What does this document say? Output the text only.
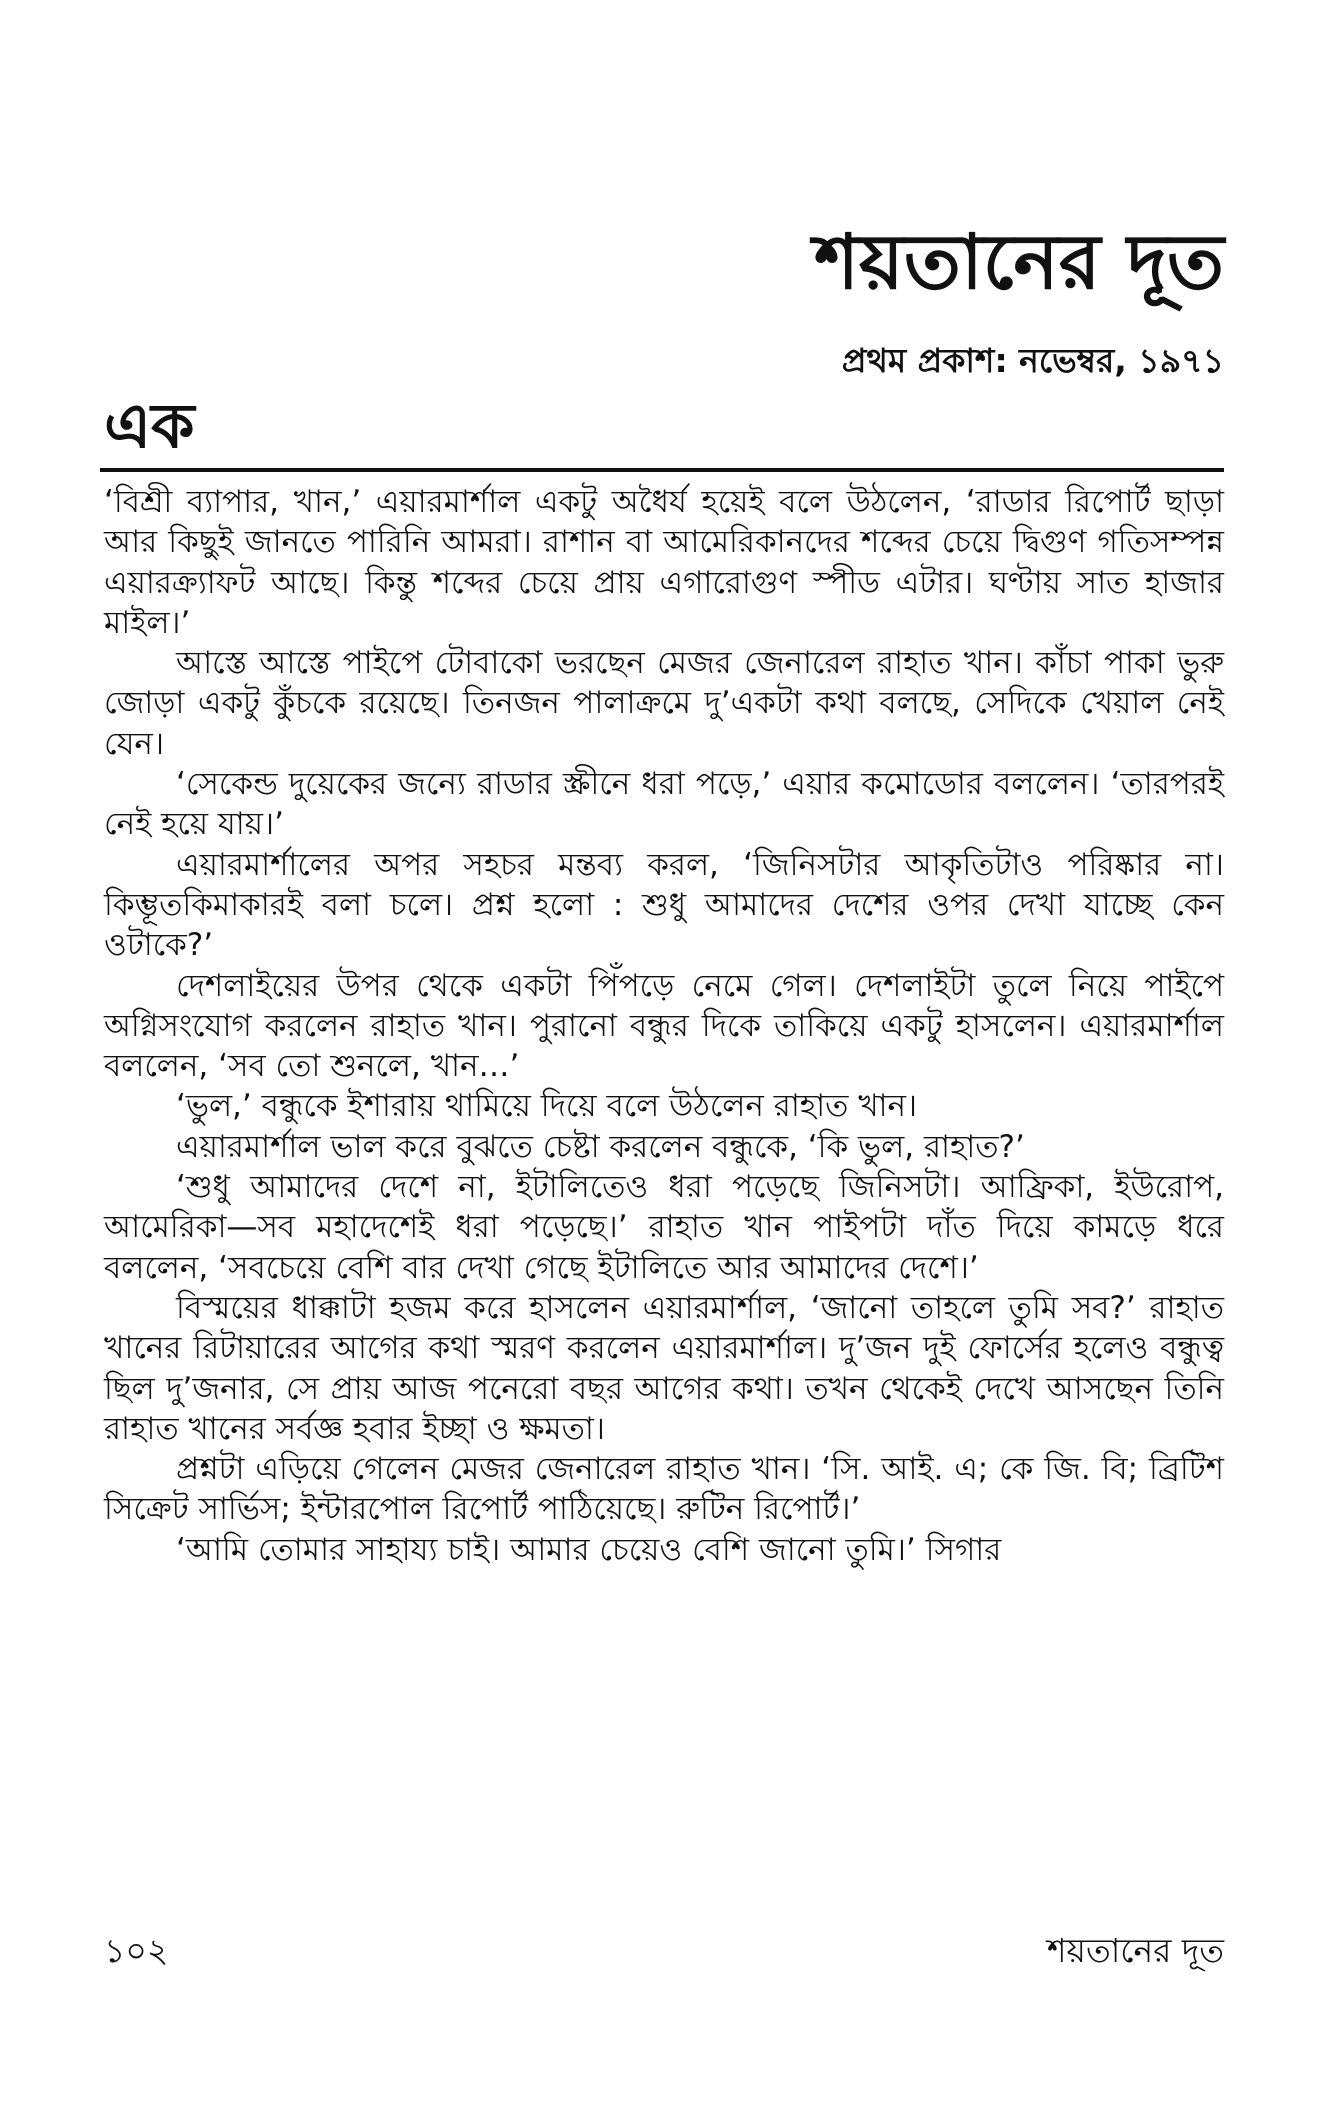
শয়তানের দূত
প্রথম প্রকাশ: নভেম্বর, ১৯৭১
এক

‘বিশ্রী ব্যাপার, খান,’ এয়ারমার্শাল একটু অধৈর্য হয়েই বলে উঠলেন, ‘রাডার রিপোর্ট ছাড়া আর কিছুই জানতে পারিনি আমরা। রাশান বা আমেরিকানদের শব্দের চেয়ে দ্বিগুণ গতিসম্পন্ন এয়ারক্র্যাফট আছে। কিন্তু শব্দের চেয়ে প্রায় এগারোগুণ স্পীড এটার। ঘণ্টায় সাত হাজার মাইল।’

আস্তে আস্তে পাইপে টোবাকো ভরছেন মেজর জেনারেল রাহাত খান। কাঁচা পাকা ভুরু জোড়া একটু কুঁচকে রয়েছে। তিনজন পালাক্রমে দু’একটা কথা বলছে, সেদিকে খেয়াল নেই যেন।

‘সেকেন্ড দুয়েকের জন্যে রাডার স্ক্রীনে ধরা পড়ে,’ এয়ার কমোডোর বললেন। ‘তারপরই নেই হয়ে যায়।’

এয়ারমার্শালের অপর সহচর মন্তব্য করল, ‘জিনিসটার আকৃতিটাও পরিষ্কার না। কিম্ভূতকিমাকারই বলা চলে। প্রশ্ন হলো : শুধু আমাদের দেশের ওপর দেখা যাচ্ছে কেন ওটাকে?’

দেশলাইয়ের উপর থেকে একটা পিঁপড়ে নেমে গেল। দেশলাইটা তুলে নিয়ে পাইপে অগ্নিসংযোগ করলেন রাহাত খান। পুরানো বন্ধুর দিকে তাকিয়ে একটু হাসলেন। এয়ারমার্শাল বললেন, ‘সব তো শুনলে, খান…’

‘ভুল,’ বন্ধুকে ইশারায় থামিয়ে দিয়ে বলে উঠলেন রাহাত খান।

এয়ারমার্শাল ভাল করে বুঝতে চেষ্টা করলেন বন্ধুকে, ‘কি ভুল, রাহাত?’

‘শুধু আমাদের দেশে না, ইটালিতেও ধরা পড়েছে জিনিসটা। আফ্রিকা, ইউরোপ, আমেরিকা—সব মহাদেশেই ধরা পড়েছে।’ রাহাত খান পাইপটা দাঁত দিয়ে কামড়ে ধরে বললেন, ‘সবচেয়ে বেশি বার দেখা গেছে ইটালিতে আর আমাদের দেশে।’

বিস্ময়ের ধাক্কাটা হজম করে হাসলেন এয়ারমার্শাল, ‘জানো তাহলে তুমি সব?’ রাহাত খানের রিটায়ারের আগের কথা স্মরণ করলেন এয়ারমার্শাল। দু’জন দুই ফোর্সের হলেও বন্ধুত্ব ছিল দু’জনার, সে প্রায় আজ পনেরো বছর আগের কথা। তখন থেকেই দেখে আসছেন তিনি রাহাত খানের সর্বজ্ঞ হবার ইচ্ছা ও ক্ষমতা।

প্রশ্নটা এড়িয়ে গেলেন মেজর জেনারেল রাহাত খান। ‘সি. আই. এ; কে জি. বি; ব্রিটিশ সিক্রেট সার্ভিস; ইন্টারপোল রিপোর্ট পাঠিয়েছে। রুটিন রিপোর্ট।’

‘আমি তোমার সাহায্য চাই। আমার চেয়েও বেশি জানো তুমি।’ সিগার

১০২	শয়তানের দূত
